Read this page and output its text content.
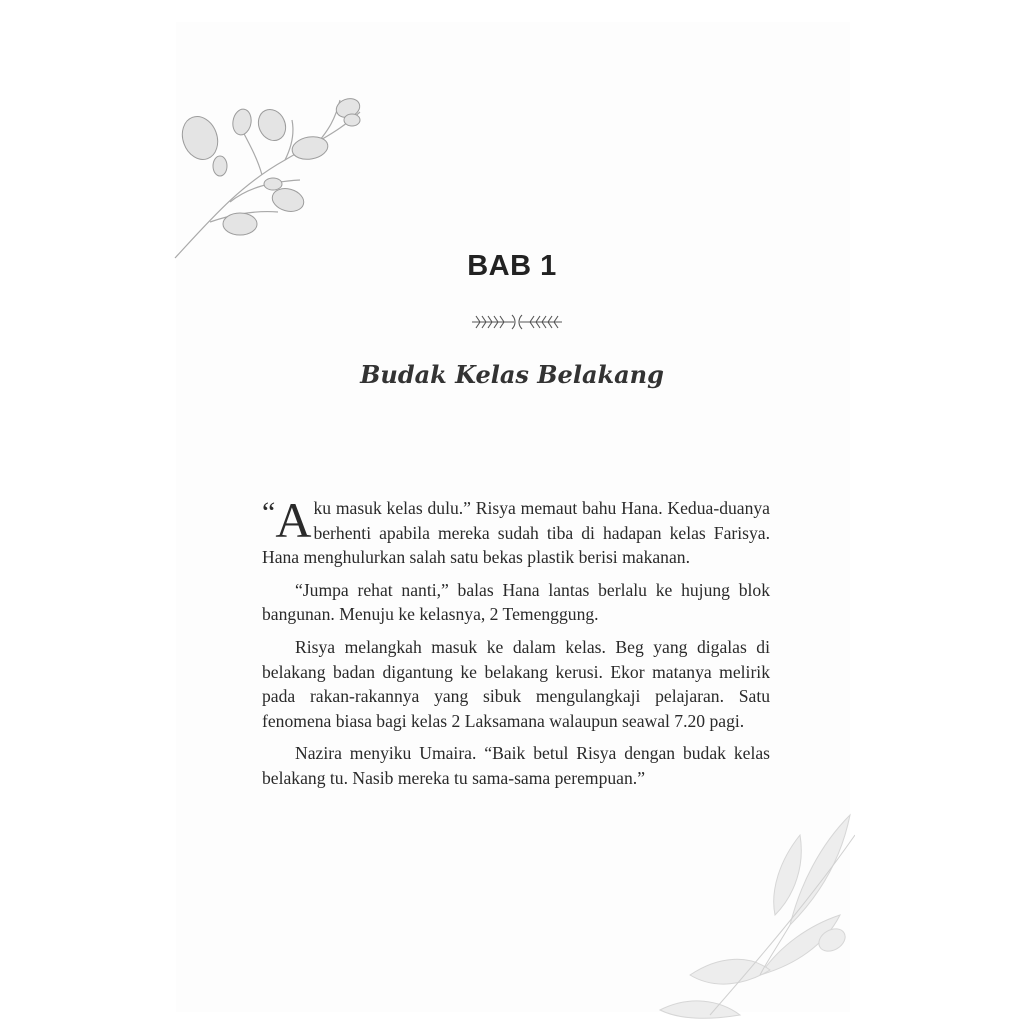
BAB 1
Budak Kelas Belakang

“A ku masuk kelas dulu.” Risya memaut bahu Hana. Kedua-duanya berhenti apabila mereka sudah tiba di hadapan kelas Farisya. Hana menghulurkan salah satu bekas plastik berisi makanan.

“Jumpa rehat nanti,” balas Hana lantas berlalu ke hujung blok bangunan. Menuju ke kelasnya, 2 Temenggung.

Risya melangkah masuk ke dalam kelas. Beg yang digalas di belakang badan digantung ke belakang kerusi. Ekor matanya melirik pada rakan-rakannya yang sibuk mengulangkaji pelajaran. Satu fenomena biasa bagi kelas 2 Laksamana walaupun seawal 7.20 pagi.

Nazira menyiku Umaira. “Baik betul Risya dengan budak kelas belakang tu. Nasib mereka tu sama-sama perempuan.”
